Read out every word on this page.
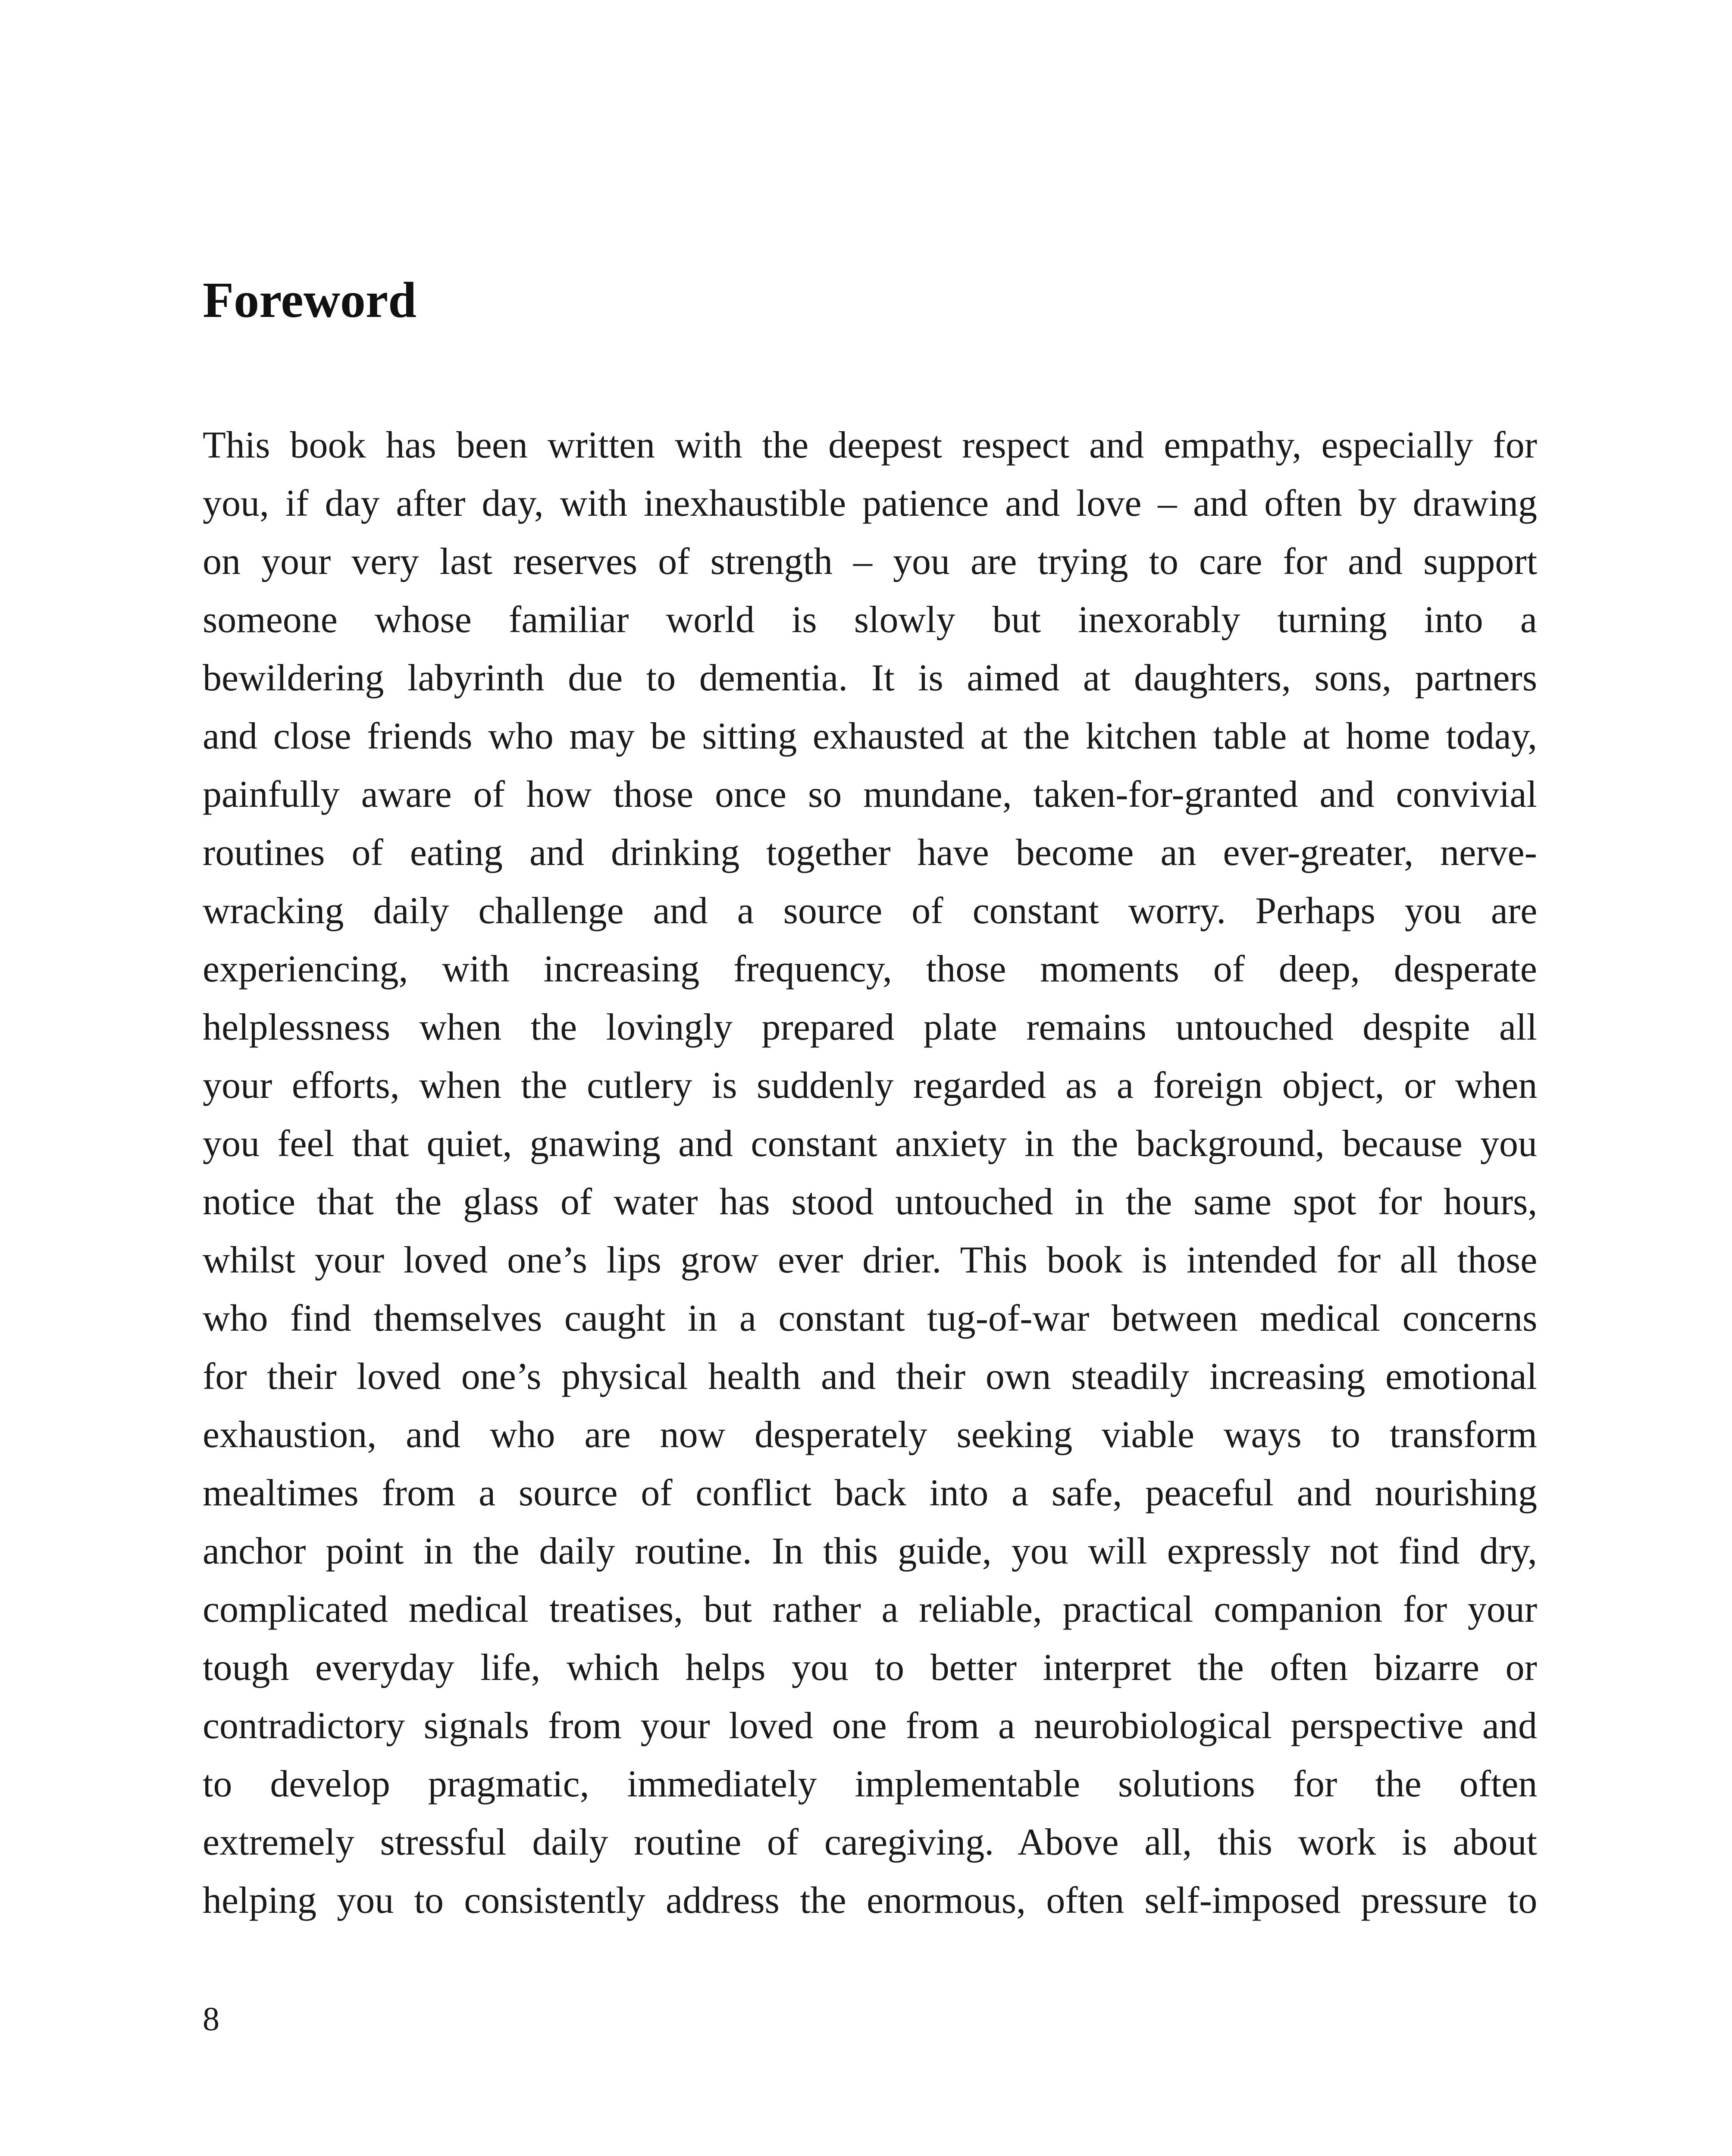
Foreword
This book has been written with the deepest respect and empathy, especially for
you, if day after day, with inexhaustible patience and love – and often by drawing
on your very last reserves of strength – you are trying to care for and support
someone whose familiar world is slowly but inexorably turning into a
bewildering labyrinth due to dementia. It is aimed at daughters, sons, partners
and close friends who may be sitting exhausted at the kitchen table at home today,
painfully aware of how those once so mundane, taken-for-granted and convivial
routines of eating and drinking together have become an ever-greater, nerve-
wracking daily challenge and a source of constant worry. Perhaps you are
experiencing, with increasing frequency, those moments of deep, desperate
helplessness when the lovingly prepared plate remains untouched despite all
your efforts, when the cutlery is suddenly regarded as a foreign object, or when
you feel that quiet, gnawing and constant anxiety in the background, because you
notice that the glass of water has stood untouched in the same spot for hours,
whilst your loved one’s lips grow ever drier. This book is intended for all those
who find themselves caught in a constant tug-of-war between medical concerns
for their loved one’s physical health and their own steadily increasing emotional
exhaustion, and who are now desperately seeking viable ways to transform
mealtimes from a source of conflict back into a safe, peaceful and nourishing
anchor point in the daily routine. In this guide, you will expressly not find dry,
complicated medical treatises, but rather a reliable, practical companion for your
tough everyday life, which helps you to better interpret the often bizarre or
contradictory signals from your loved one from a neurobiological perspective and
to develop pragmatic, immediately implementable solutions for the often
extremely stressful daily routine of caregiving. Above all, this work is about
helping you to consistently address the enormous, often self-imposed pressure to
8
